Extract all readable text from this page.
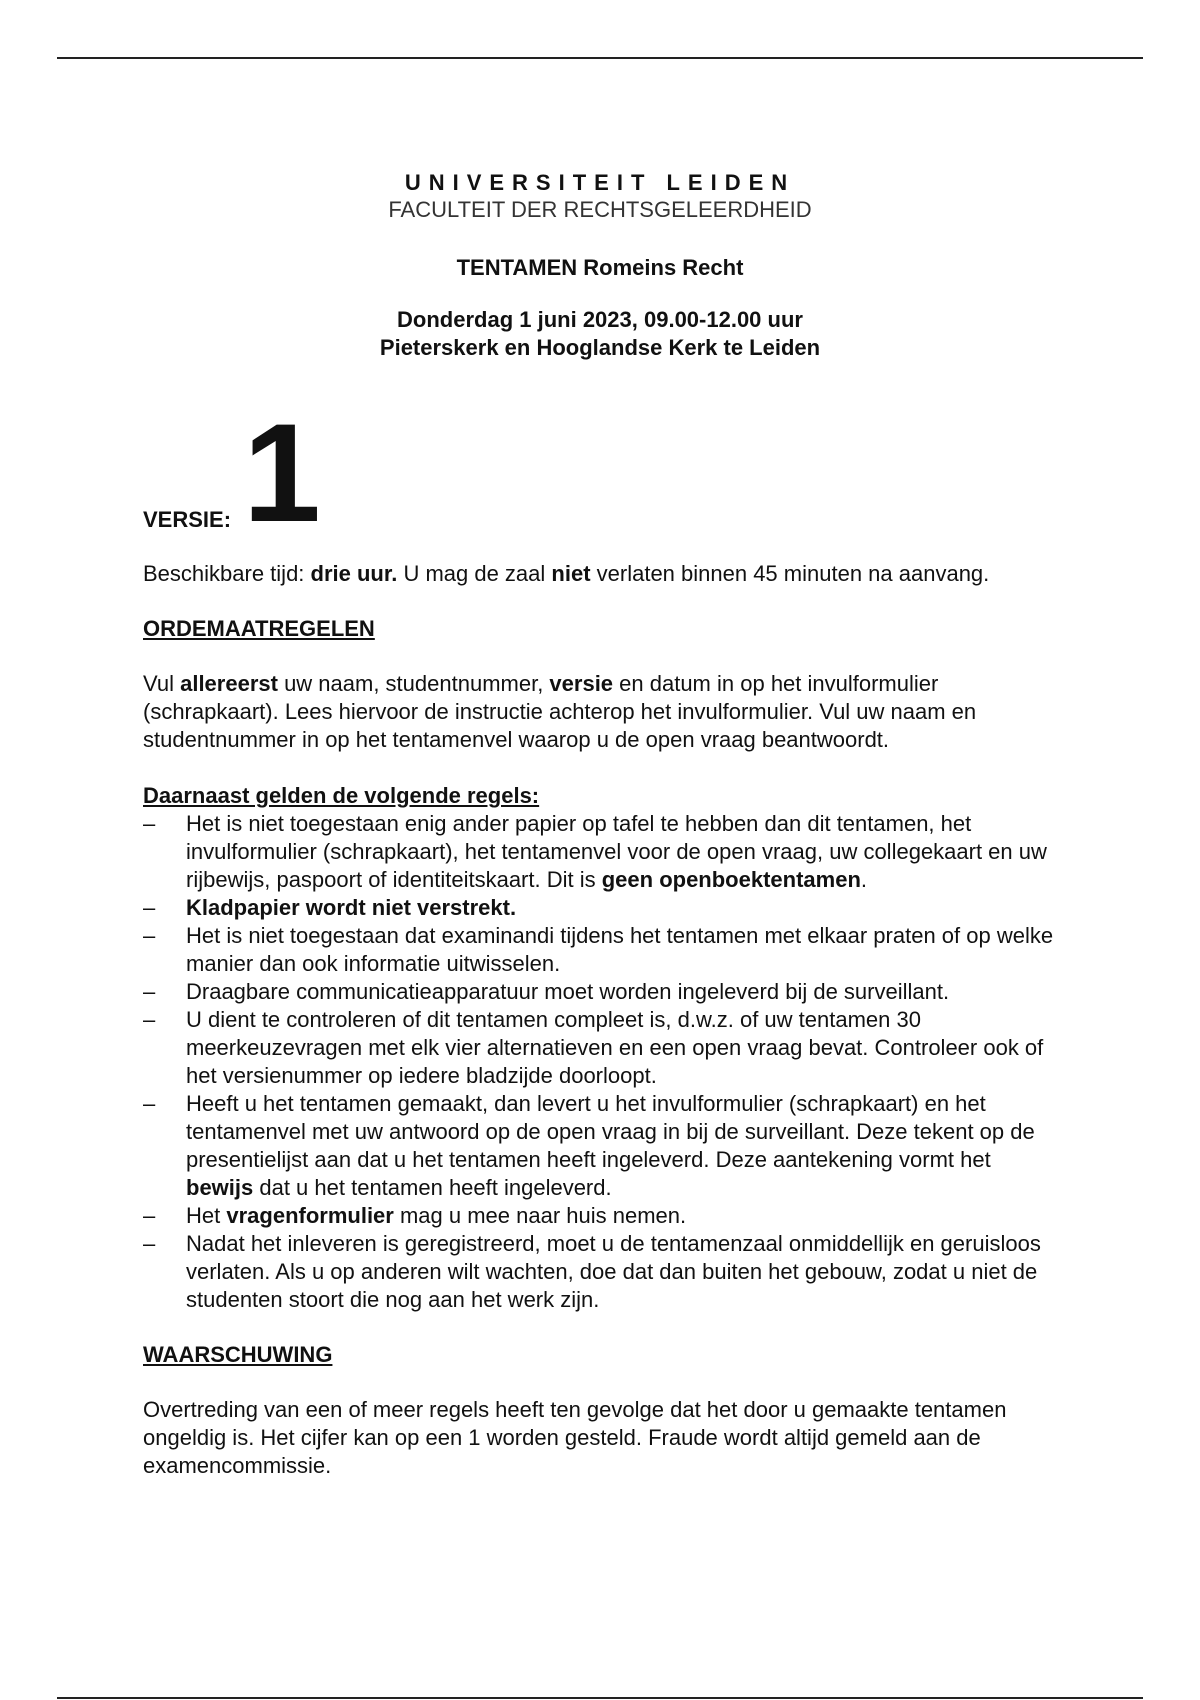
UNIVERSITEIT LEIDEN
FACULTEIT DER RECHTSGELEERDHEID
TENTAMEN Romeins Recht
Donderdag 1 juni 2023, 09.00-12.00 uur
Pieterskerk en Hooglandse Kerk te Leiden
VERSIE: 1

Beschikbare tijd: drie uur. U mag de zaal niet verlaten binnen 45 minuten na aanvang.

ORDEMAATREGELEN

Vul allereerst uw naam, studentnummer, versie en datum in op het invulformulier (schrapkaart). Lees hiervoor de instructie achterop het invulformulier. Vul uw naam en studentnummer in op het tentamenvel waarop u de open vraag beantwoordt.

Daarnaast gelden de volgende regels:
– Het is niet toegestaan enig ander papier op tafel te hebben dan dit tentamen, het invulformulier (schrapkaart), het tentamenvel voor de open vraag, uw collegekaart en uw rijbewijs, paspoort of identiteitskaart. Dit is geen openboektentamen.
– Kladpapier wordt niet verstrekt.
– Het is niet toegestaan dat examinandi tijdens het tentamen met elkaar praten of op welke manier dan ook informatie uitwisselen.
– Draagbare communicatieapparatuur moet worden ingeleverd bij de surveillant.
– U dient te controleren of dit tentamen compleet is, d.w.z. of uw tentamen 30 meerkeuzevragen met elk vier alternatieven en een open vraag bevat. Controleer ook of het versienummer op iedere bladzijde doorloopt.
– Heeft u het tentamen gemaakt, dan levert u het invulformulier (schrapkaart) en het tentamenvel met uw antwoord op de open vraag in bij de surveillant. Deze tekent op de presentielijst aan dat u het tentamen heeft ingeleverd. Deze aantekening vormt het bewijs dat u het tentamen heeft ingeleverd.
– Het vragenformulier mag u mee naar huis nemen.
– Nadat het inleveren is geregistreerd, moet u de tentamenzaal onmiddellijk en geruisloos verlaten. Als u op anderen wilt wachten, doe dat dan buiten het gebouw, zodat u niet de studenten stoort die nog aan het werk zijn.
WAARSCHUWING

Overtreding van een of meer regels heeft ten gevolge dat het door u gemaakte tentamen ongeldig is. Het cijfer kan op een 1 worden gesteld. Fraude wordt altijd gemeld aan de examencommissie.
